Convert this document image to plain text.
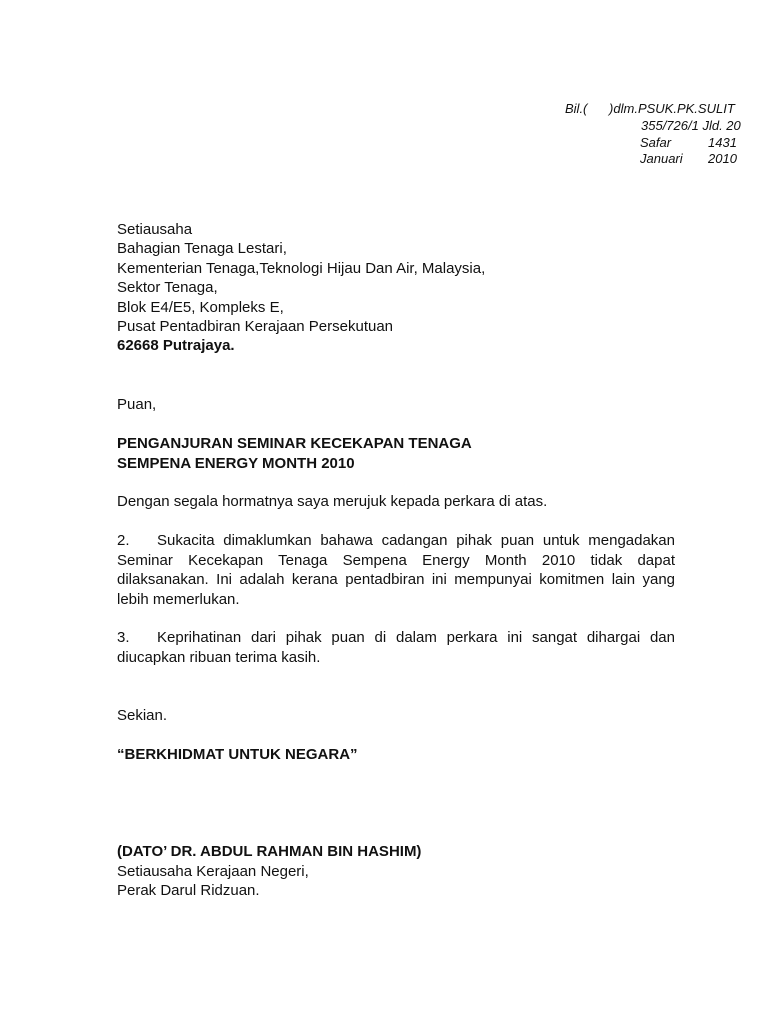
Bil.(      )dlm.PSUK.PK.SULIT
355/726/1 Jld. 20
Safar	1431
Januari 2010
Setiausaha
Bahagian Tenaga Lestari,
Kementerian Tenaga,Teknologi Hijau Dan Air, Malaysia,
Sektor Tenaga,
Blok E4/E5, Kompleks E,
Pusat Pentadbiran Kerajaan Persekutuan
62668 Putrajaya.
Puan,
PENGANJURAN SEMINAR KECEKAPAN TENAGA
SEMPENA ENERGY MONTH 2010
Dengan segala hormatnya saya merujuk kepada perkara di atas.
2. Sukacita dimaklumkan bahawa cadangan pihak puan untuk mengadakan Seminar Kecekapan Tenaga Sempena Energy Month 2010 tidak dapat dilaksanakan. Ini adalah kerana pentadbiran ini mempunyai komitmen lain yang lebih memerlukan.
3. Keprihatinan dari pihak puan di dalam perkara ini sangat dihargai dan diucapkan ribuan terima kasih.
Sekian.
“BERKHIDMAT UNTUK NEGARA”
(DATO’ DR. ABDUL RAHMAN BIN HASHIM)
Setiausaha Kerajaan Negeri,
Perak Darul Ridzuan.
